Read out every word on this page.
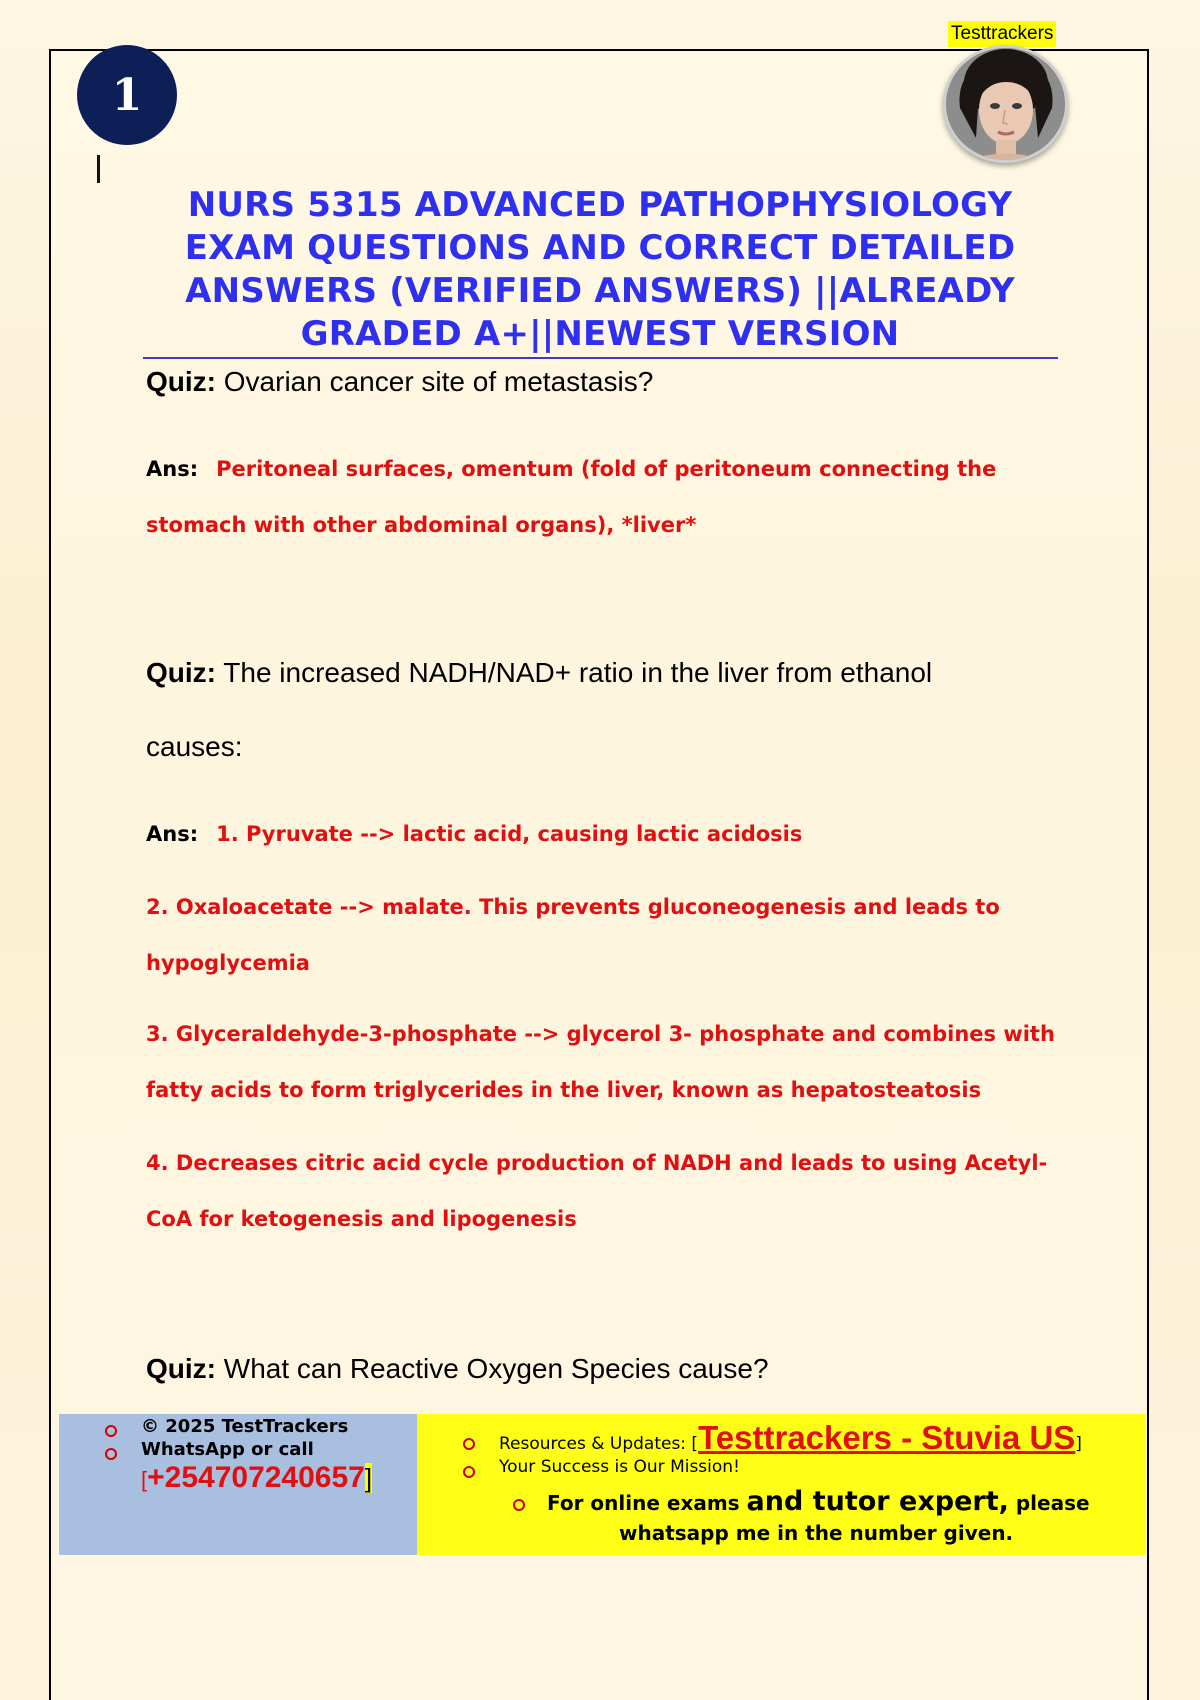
Testtrackers
1
NURS 5315 ADVANCED PATHOPHYSIOLOGY EXAM QUESTIONS AND CORRECT DETAILED ANSWERS (VERIFIED ANSWERS) ||ALREADY GRADED A+||NEWEST VERSION
Quiz: Ovarian cancer site of metastasis?
Ans: Peritoneal surfaces, omentum (fold of peritoneum connecting the
stomach with other abdominal organs), *liver*
Quiz: The increased NADH/NAD+ ratio in the liver from ethanol
causes:
Ans: 1. Pyruvate --> lactic acid, causing lactic acidosis
2. Oxaloacetate --> malate. This prevents gluconeogenesis and leads to
hypoglycemia
3. Glyceraldehyde-3-phosphate --> glycerol 3- phosphate and combines with
fatty acids to form triglycerides in the liver, known as hepatosteatosis
4. Decreases citric acid cycle production of NADH and leads to using Acetyl-
CoA for ketogenesis and lipogenesis
Quiz: What can Reactive Oxygen Species cause?
© 2025 TestTrackers
WhatsApp or call
[+254707240657]
Resources & Updates: [Testtrackers - Stuvia US]
Your Success is Our Mission!
For online exams and tutor expert, please
whatsapp me in the number given.
